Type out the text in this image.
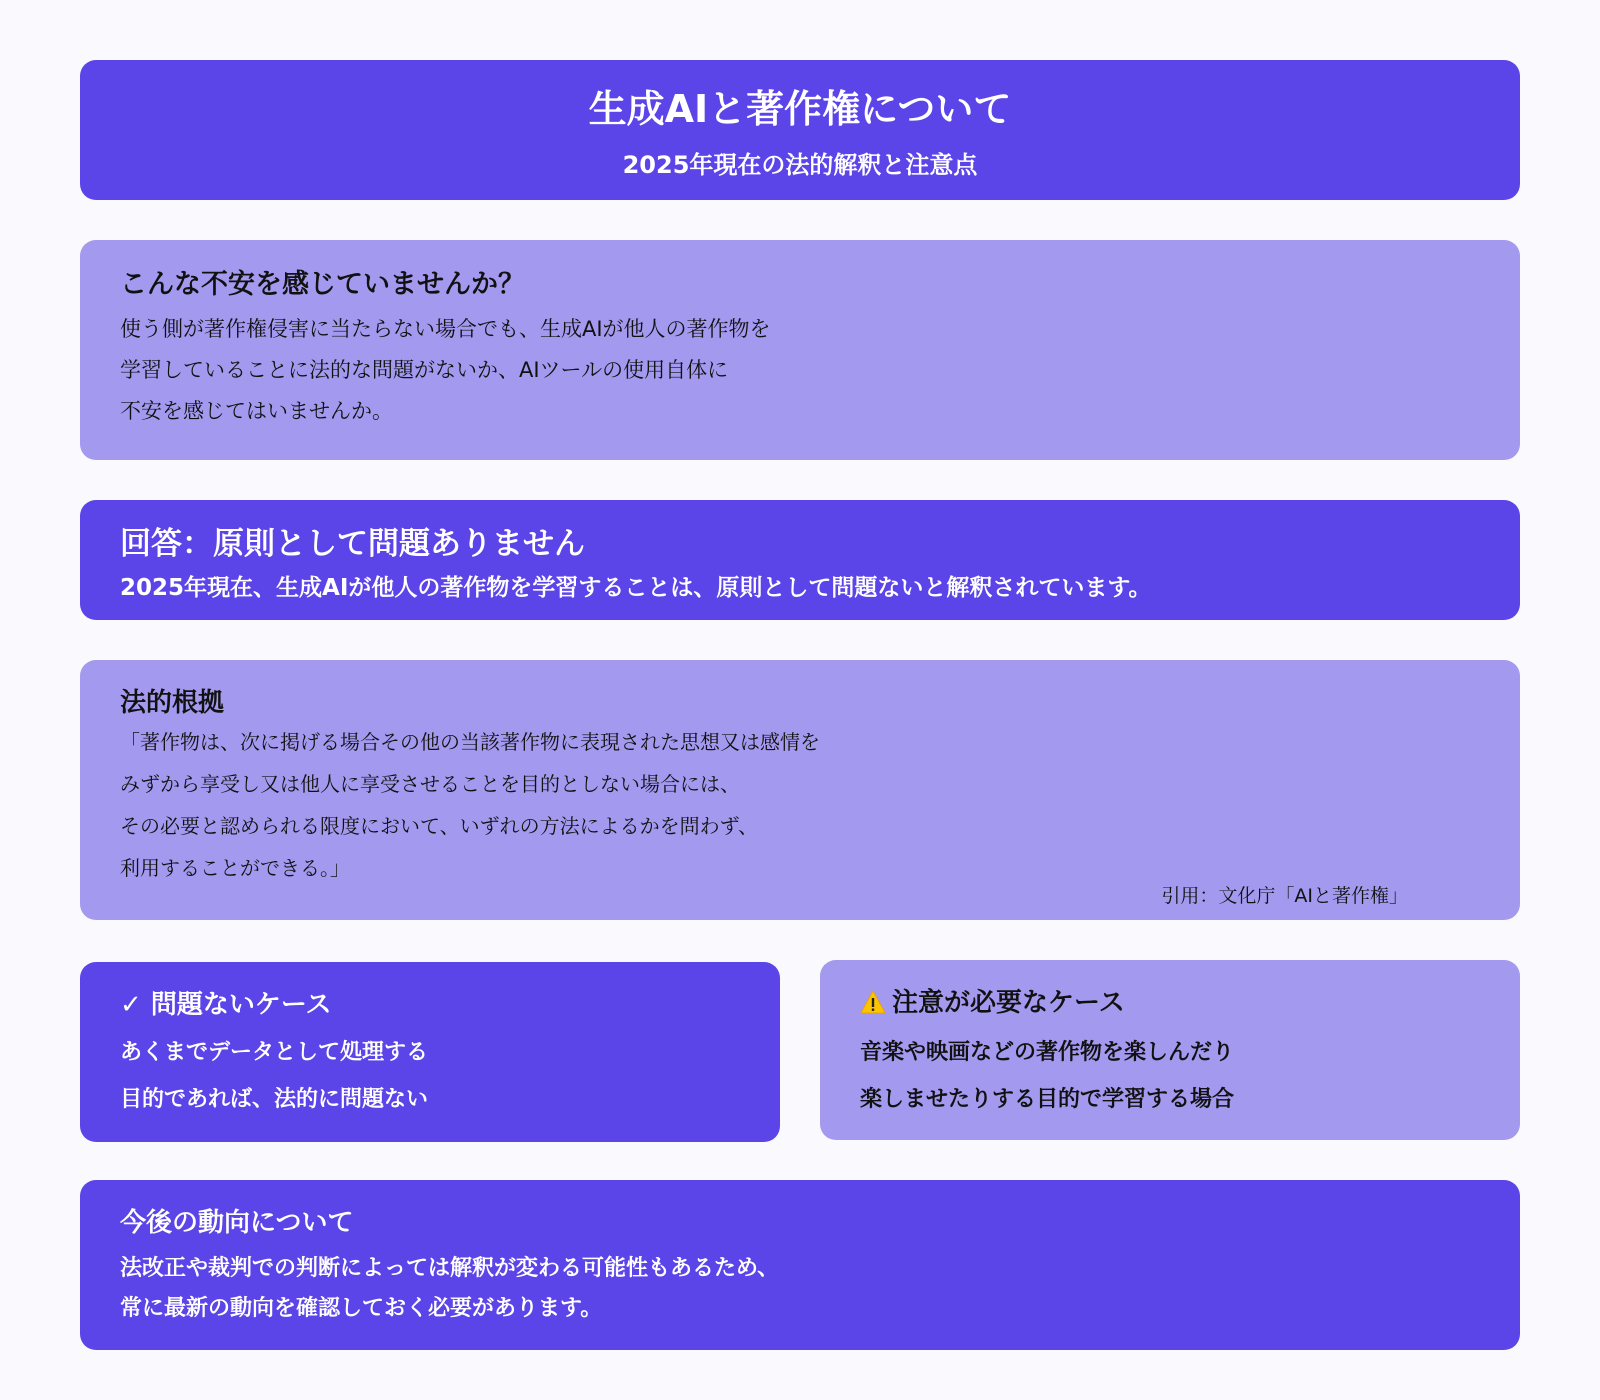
生成AIと著作権について
2025年現在の法的解釈と注意点
こんな不安を感じていませんか？

使う側が著作権侵害に当たらない場合でも、生成AIが他人の著作物を

学習していることに法的な問題がないか、AIツールの使用自体に

不安を感じてはいませんか。

回答：原則として問題ありません

2025年現在、生成AIが他人の著作物を学習することは、原則として問題ないと解釈されています。

法的根拠

「著作物は、次に掲げる場合その他の当該著作物に表現された思想又は感情を

みずから享受し又は他人に享受させることを目的としない場合には、

その必要と認められる限度において、いずれの方法によるかを問わず、

利用することができる。」

引用：文化庁「AIと著作権」
✓ 問題ないケース

あくまでデータとして処理する

目的であれば、法的に問題ない

注意が必要なケース

音楽や映画などの著作物を楽しんだり

楽しませたりする目的で学習する場合

今後の動向について

法改正や裁判での判断によっては解釈が変わる可能性もあるため、

常に最新の動向を確認しておく必要があります。
